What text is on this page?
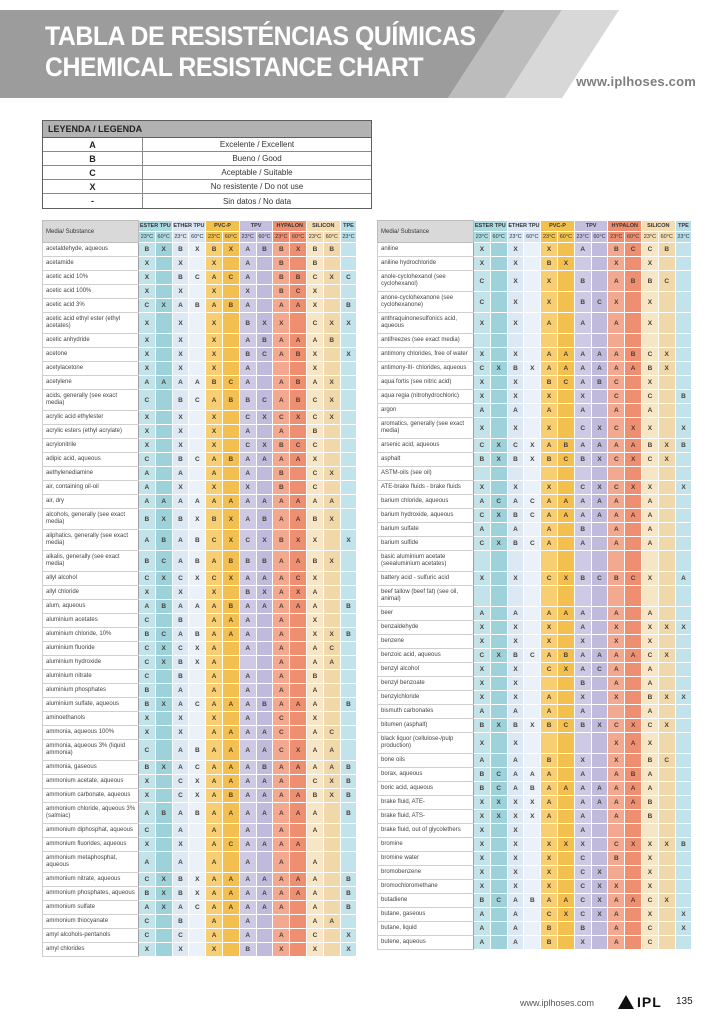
TABLA DE RESISTÉNCIAS QUÍMICAS
CHEMICAL RESISTANCE CHART	www.iplhoses.com
LEYENDA / LEGENDA
A	Excelente / Excellent
B	Bueno / Good
C	Aceptable / Suitable
X	No resistente / Do not use
-	Sin datos / No data
Media/ Substance	ESTER TPU		ETHER TPU		PVC-P		TPV		HYPALON		SILICON		TPE
	23°C	60°C	23°C	60°C	23°C	60°C	23°C	60°C	23°C	60°C	23°C	60°C	23°C
acetaldehyde, aqueous	B	X	B	X	B	X	A	B	B	X	B	B	
acetamide	X		X		X		A		B		B		
acetic acid 10%	X		B	C	A	C	A		B	B	C	X	C
acetic acid 100%	X		X		X		X		B	C	X		
acetic acid 3%	C	X	A	B	A	B	A		A	A	X		B
acetic acid ethyl ester (ethyl acetates)	X		X		X		B	X	X		C	X	X
acetic anhydride	X		X		X		A	B	A	A	A	B	
acetone	X		X		X		B	C	A	B	X		X
acetylacetone	X		X		X		A				X		
acetylene	A	A	A	A	B	C	A		A	B	A	X	
acids, generally (see exact media)	C		B	C	A	B	B	C	A	B	C	X	
acrylic acid ethylester	X		X		X		C	X	C	X	C	X	
acrylic esters (ethyl acrylate)	X		X		X		A		A		B		
acrylonitrile	X		X		X		C	X	B	C	C		
adipic acid, aqueous	C		B	C	A	B	A	A	A	A	X		
aethylenediamine	A		A		A		A		B		C	X	
air, containing oil-oil	A		X		X		X		B		C		
air, dry	A	A	A	A	A	A	A	A	A	A	A	A	
alcohols, generally (see exact media)	B	X	B	X	B	X	A	B	A	A	B	X	
aliphatics, generally (see exact media)	A	B	A	B	C	X	C	X	B	X	X		X
alkalis, generally (see exact media)	B	C	A	B	A	B	B	B	A	A	B	X	
allyl alcohol	C	X	C	X	C	X	A	A	A	C	X		
allyl chloride	X		X		X		B	X	A	X	A		
alum, aqueous	A	B	A	A	A	B	A	A	A	A	A		B
aluminium acetates	C		B		A	A	A		A		X		
aluminium chloride, 10%	B	C	A	B	A	A	A		A		X	X	B
aluminium fluoride	C	X	C	X	A		A		A		A	C	
aluminium hydroxide	C	X	B	X	A				A		A	A	
aluminium nitrate	C		B		A		A		A		B		
aluminium phosphates	B		A		A		A		A		A		
aluminium sulfate, aqueous	B	X	A	C	A	A	A	B	A	A	A		B
aminoethanols	X		X		X		A		C		X		
ammonia, aqueous 100%	X		X		A	A	A	A	C		A	C	
ammonia, aqueous 3% (liquid ammonia)	C		A	B	A	A	A	A	C	X	A	A	
ammonia, gaseous	B	X	A	C	A	A	A	B	A	A	A	A	B
ammonium acetate, aqueous	X		C	X	A	A	A	A	A		C	X	B
ammonium carbonate, aqueous	X		C	X	A	B	A	A	A	A	B	X	B
ammonium chloride, aqueous 3% (salmiac)	A	B	A	B	A	A	A	A	A	A	A		B
ammonium diphosphat, aqueous	C		A		A		A		A		A		
ammonium fluorides, aqueous	X		X		A	C	A	A	A	A			
ammonium metaphosphat, aqueous	A		A		A		A		A		A		
ammonium nitrate, aqueous	C	X	B	X	A	A	A	A	A	A	A		B
ammonium phosphates, aqueous	B	X	B	X	A	A	A	A	A	A	A		B
ammonium sulfate	A	X	A	C	A	A	A	A	A		A		B
ammonium thiocyanate	C		B		A		A				A	A	
amyl alcohols-pentanols	C		C		A		A		A		C		X
amyl chlorides	X		X		X		B		X		X		X
Media/ Substance	ESTER TPU		ETHER TPU		PVC-P		TPV		HYPALON		SILICON		TPE
	23°C	60°C	23°C	60°C	23°C	60°C	23°C	60°C	23°C	60°C	23°C	60°C	23°C
aniline	X		X		X		A		B	C	C	B	
aniline hydrochloride	X		X		B	X			X		X		
anole-cyclohexanol (see cyclohexanol)	C		X		X		B		A	B	B	C	
anone-cyclohexanone (see cyclohexanone)	C		X		X		B	C	X		X		
anthraquinonesulfonics acid, aqueous	X		X		A		A		A		X		
antifreezes (see exact media)													
antimony chlorides, free of water	X		X		A	A	A	A	A	B	C	X	
antimony-III- chlorides, aqueous	C	X	B	X	A	A	A	A	A	A	B	X	
aqua fortis (see nitric acid)	X		X		B	C	A	B	C		X		
aqua regia (nitrohydrochloric)	X		X		X		X		C		C		B
argon	A		A		A		A		A		A		
aromatics, generally (see exact media)	X		X		X		C	X	C	X	X		X
arsenic acid, aqueous	C	X	C	X	A	B	A	A	A	A	B	X	B
asphalt	B	X	B	X	B	C	B	X	C	X	C	X	
ASTM-oils (see oil)													
ATE-brake fluids - brake fluids	X		X		X		C	X	C	X	X		X
barium chloride, aqueous	A	C	A	C	A	A	A	A	A		A		
barium hydroxide, aqueous	C	X	B	C	A	A	A	A	A	A	A		
barium sulfate	A		A		A		B		A		A		
barium sulfide	C	X	B	C	A		A		A		A		
basic aluminium acetate (seealuminium acetates)													
battery acid - sulfuric acid	X		X		C	X	B	C	B	C	X		A
beef tallow (beef fat) (see oil, animal)													
beer	A		A		A	A	A		A		A		
benzaldehyde	X		X		X		A		X		X	X	X
benzene	X		X		X		X		X		X		
benzoic acid, aqueous	C	X	B	C	A	B	A	A	A	A	C	X	
benzyl alcohol	X		X		C	X	A	C	A		A		
benzyl benzoate	X		X				B		A		A		
benzylchloride	X		X		A		X		X		B	X	X
bismuth carbonates	A		A		A		A				A		
bitumen (asphalt)	B	X	B	X	B	C	B	X	C	X	C	X	
black liquor (cellulose-/pulp production)	X		X						X	A	X		
bone oils	A		A		B		X		X		B	C	
borax, aqueous	B	C	A	A	A		A		A	B	A		
boric acid, aqueous	B	C	A	B	A	A	A	A	A	A	A		
brake fluid, ATE-	X	X	X	X	A		A	A	A	A	B		
brake fluid, ATS-	X	X	X	X	A		A		A		B		
brake fluid, out of glycolethers	X		X				A						
bromine	X		X		X	X	X		C	X	X	X	B
bromine water	X		X		X		C		B		X		
bromobenzene	X		X		X		C	X			X		
bromochloromethane	X		X		X		C	X	X		X		
butadiene	B	C	A	B	A	A	C	X	A	A	C	X	
butane, gaseous	A		A		C	X	C	X	A		X		X
butane, liquid	A		A		B		B		A		C		X
butene, aqueous	A		A		B		X		A		C		
www.iplhoses.com	IPL 135
